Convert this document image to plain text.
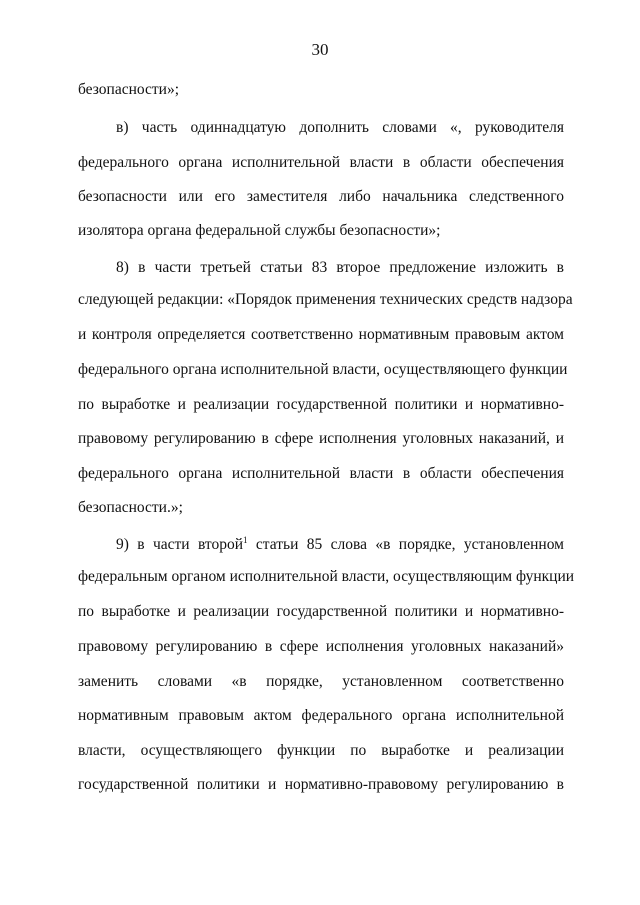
30
безопасности»;
в) часть одиннадцатую дополнить словами «, руководителя
федерального органа исполнительной власти в области обеспечения
безопасности или его заместителя либо начальника следственного
изолятора органа федеральной службы безопасности»;
8) в части третьей статьи 83 второе предложение изложить в
следующей редакции: «Порядок применения технических средств надзора
и контроля определяется соответственно нормативным правовым актом
федерального органа исполнительной власти, осуществляющего функции
по выработке и реализации государственной политики и нормативно-
правовому регулированию в сфере исполнения уголовных наказаний, и
федерального органа исполнительной власти в области обеспечения
безопасности.»;
9) в части второй$^1$ статьи 85 слова «в порядке, установленном
федеральным органом исполнительной власти, осуществляющим функции
по выработке и реализации государственной политики и нормативно-
правовому регулированию в сфере исполнения уголовных наказаний»
заменить словами «в порядке, установленном соответственно
нормативным правовым актом федерального органа исполнительной
власти, осуществляющего функции по выработке и реализации
государственной политики и нормативно-правовому регулированию в
